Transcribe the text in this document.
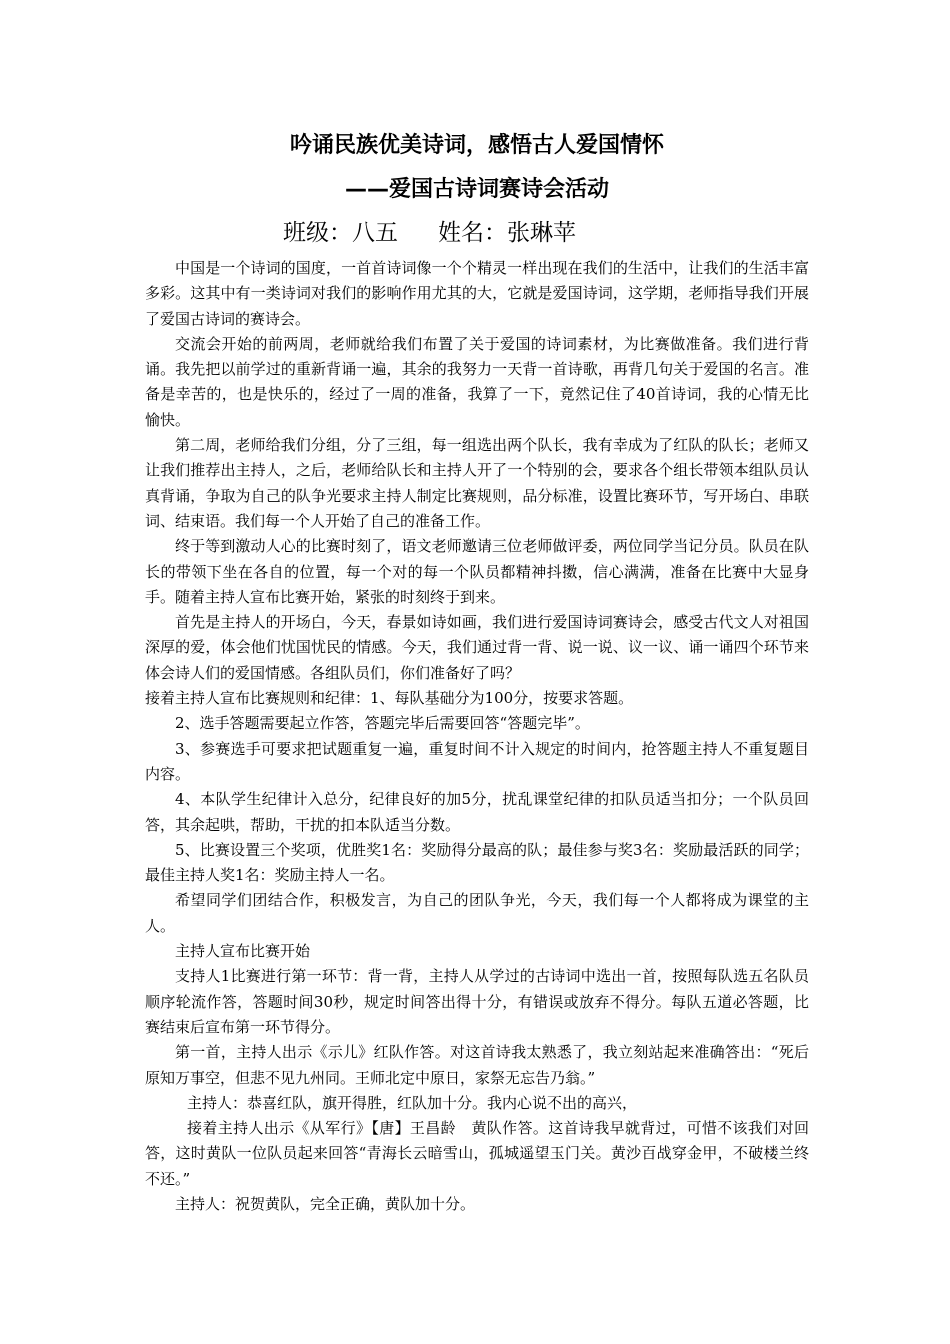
吟诵民族优美诗词，感悟古人爱国情怀
——爱国古诗词赛诗会活动

班级：八五 姓名：张琳苹

中国是一个诗词的国度，一首首诗词像一个个精灵一样出现在我们的生活中，让我们的生活丰富多彩。这其中有一类诗词对我们的影响作用尤其的大，它就是爱国诗词，这学期，老师指导我们开展了爱国古诗词的赛诗会。

交流会开始的前两周，老师就给我们布置了关于爱国的诗词素材，为比赛做准备。我们进行背诵。我先把以前学过的重新背诵一遍，其余的我努力一天背一首诗歌，再背几句关于爱国的名言。准备是幸苦的，也是快乐的，经过了一周的准备，我算了一下，竟然记住了40首诗词，我的心情无比愉快。

第二周，老师给我们分组，分了三组，每一组选出两个队长，我有幸成为了红队的队长；老师又让我们推荐出主持人，之后，老师给队长和主持人开了一个特别的会，要求各个组长带领本组队员认真背诵，争取为自己的队争光要求主持人制定比赛规则，品分标准，设置比赛环节，写开场白、串联词、结束语。我们每一个人开始了自己的准备工作。

终于等到激动人心的比赛时刻了，语文老师邀请三位老师做评委，两位同学当记分员。队员在队长的带领下坐在各自的位置，每一个对的每一个队员都精神抖擞，信心满满，准备在比赛中大显身手。随着主持人宣布比赛开始，紧张的时刻终于到来。

首先是主持人的开场白，今天，春景如诗如画，我们进行爱国诗词赛诗会，感受古代文人对祖国深厚的爱，体会他们忧国忧民的情感。今天，我们通过背一背、说一说、议一议、诵一诵四个环节来体会诗人们的爱国情感。各组队员们，你们准备好了吗？

接着主持人宣布比赛规则和纪律：1、每队基础分为100分，按要求答题。

2、选手答题需要起立作答，答题完毕后需要回答“答题完毕”。

3、参赛选手可要求把试题重复一遍，重复时间不计入规定的时间内，抢答题主持人不重复题目内容。

4、本队学生纪律计入总分，纪律良好的加5分，扰乱课堂纪律的扣队员适当扣分；一个队员回答，其余起哄，帮助，干扰的扣本队适当分数。

5、比赛设置三个奖项，优胜奖1名：奖励得分最高的队；最佳参与奖3名：奖励最活跃的同学；最佳主持人奖1名：奖励主持人一名。

希望同学们团结合作，积极发言，为自己的团队争光，今天，我们每一个人都将成为课堂的主人。

主持人宣布比赛开始

支持人1比赛进行第一环节：背一背，主持人从学过的古诗词中选出一首，按照每队选五名队员顺序轮流作答，答题时间30秒，规定时间答出得十分，有错误或放弃不得分。每队五道必答题，比赛结束后宣布第一环节得分。

第一首，主持人出示《示儿》红队作答。对这首诗我太熟悉了，我立刻站起来准确答出：“死后原知万事空，但悲不见九州同。王师北定中原日，家祭无忘告乃翁。”

主持人：恭喜红队，旗开得胜，红队加十分。我内心说不出的高兴，

接着主持人出示《从军行》【唐】王昌龄　黄队作答。这首诗我早就背过，可惜不该我们对回答，这时黄队一位队员起来回答“青海长云暗雪山，孤城遥望玉门关。黄沙百战穿金甲，不破楼兰终不还。”

主持人：祝贺黄队，完全正确，黄队加十分。
